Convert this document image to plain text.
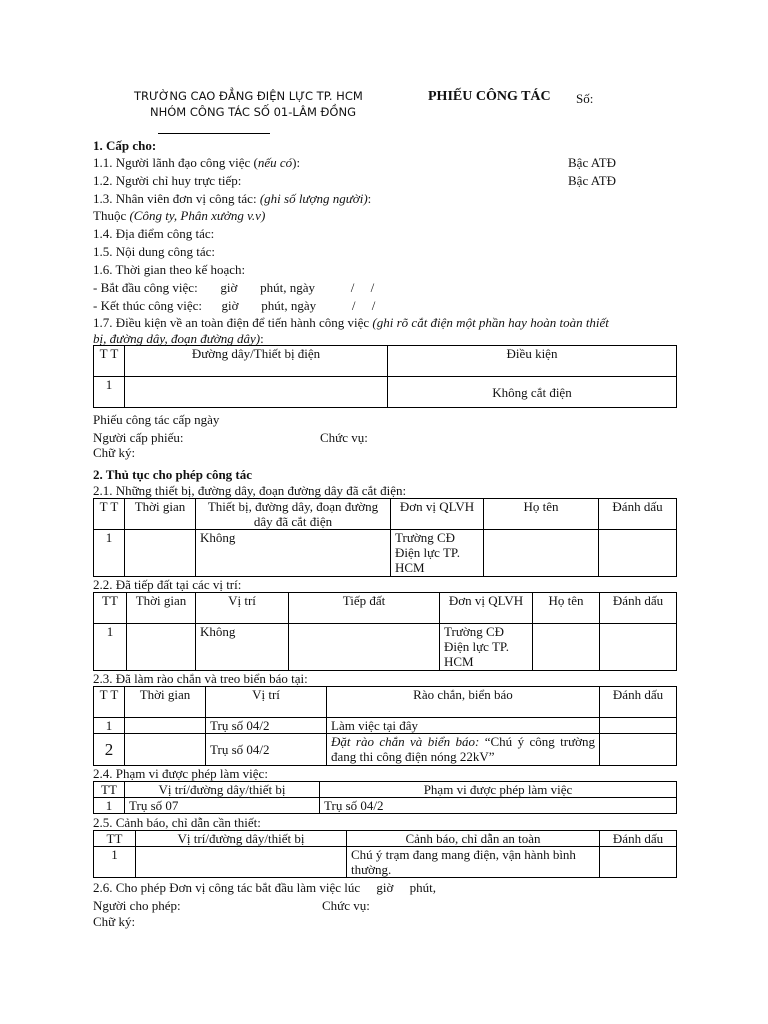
TRƯỜNG CAO ĐẲNG ĐIỆN LỰC TP. HCM
NHÓM CÔNG TÁC SỐ 01-LÂM ĐỒNG
PHIẾU CÔNG TÁC Số:
1. Cấp cho:
1.1. Người lãnh đạo công việc (nếu có):	Bậc ATĐ
1.2. Người chỉ huy trực tiếp:	Bậc ATĐ
1.3. Nhân viên đơn vị công tác: (ghi số lượng người):
Thuộc (Công ty, Phân xưởng v.v)
1.4. Địa điểm công tác:
1.5. Nội dung công tác:
1.6. Thời gian theo kế hoạch:
- Bắt đầu công việc:       giờ       phút, ngày           /     /
- Kết thúc công việc:      giờ       phút, ngày           /     /
1.7. Điều kiện về an toàn điện để tiến hành công việc (ghi rõ cắt điện một phần hay hoàn toàn thiết
bị, đường dây, đoạn đường dây):
T T	Đường dây/Thiết bị điện	Điều kiện
1		Không cắt điện
Phiếu công tác cấp ngày
Người cấp phiếu:	Chức vụ:
Chữ ký:
2. Thủ tục cho phép công tác
2.1. Những thiết bị, đường dây, đoạn đường dây đã cắt điện:
T T	Thời gian	Thiết bị, đường dây, đoạn đường dây đã cắt điện	Đơn vị QLVH	Họ tên	Đánh dấu
1		Không	Trường CĐ Điện lực TP. HCM		
2.2. Đã tiếp đất tại các vị trí:
TT	Thời gian	Vị trí	Tiếp đất	Đơn vị QLVH	Họ tên	Đánh dấu
1		Không		Trường CĐ Điện lực TP. HCM		
2.3. Đã làm rào chắn và treo biển báo tại:
T T	Thời gian	Vị trí	Rào chắn, biển báo	Đánh dấu
1		Trụ số 04/2	Làm việc tại đây	
2		Trụ số 04/2	Đặt rào chắn và biển báo: “Chú ý công trường đang thi công điện nóng 22kV”	
2.4. Phạm vi được phép làm việc:
TT	Vị trí/đường dây/thiết bị	Phạm vi được phép làm việc
1	Trụ số 07	Trụ số 04/2
2.5. Cảnh báo, chỉ dẫn cần thiết:
TT	Vị trí/đường dây/thiết bị	Cảnh báo, chỉ dẫn an toàn	Đánh dấu
1		Chú ý trạm đang mang điện, vận hành bình thường.	
2.6. Cho phép Đơn vị công tác bắt đầu làm việc lúc     giờ     phút,
Người cho phép:	Chức vụ:
Chữ ký:
